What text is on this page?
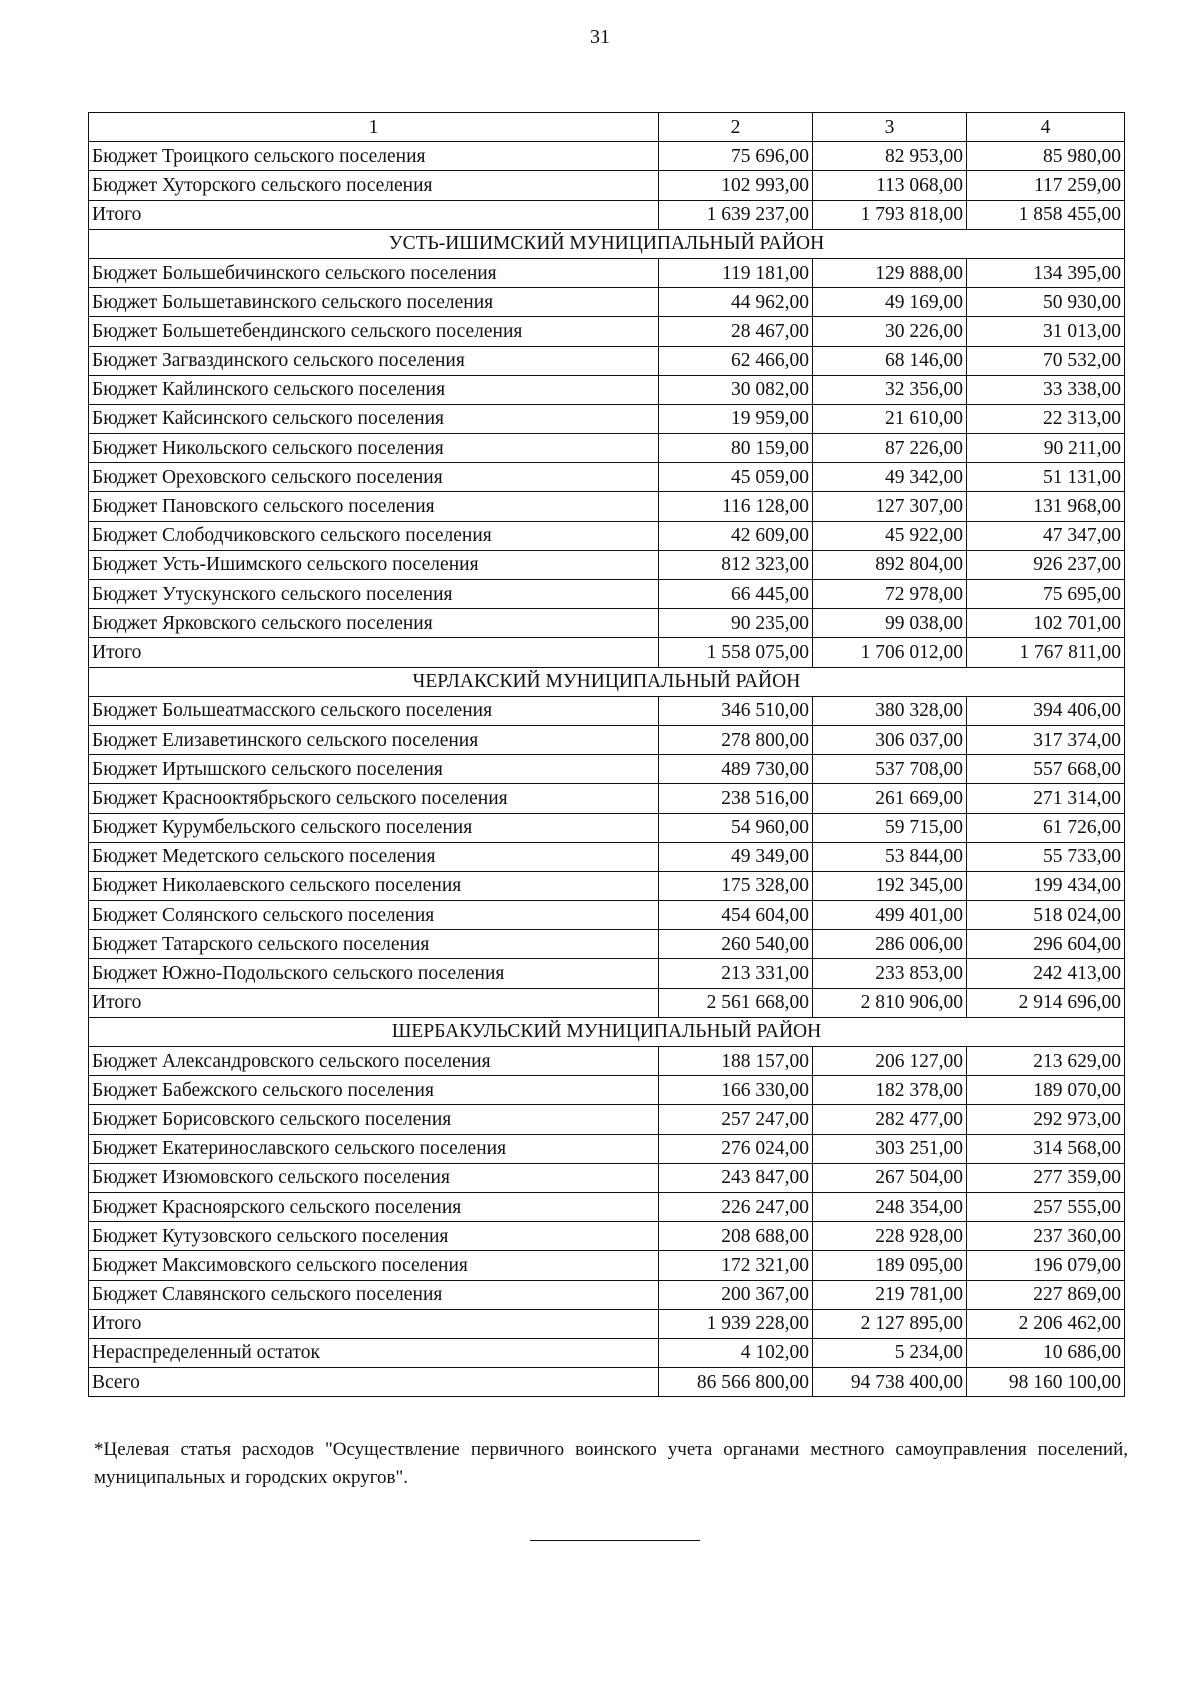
31
1	2	3	4
Бюджет Троицкого сельского поселения	75 696,00	82 953,00	85 980,00
Бюджет Хуторского сельского поселения	102 993,00	113 068,00	117 259,00
Итого	1 639 237,00	1 793 818,00	1 858 455,00
УСТЬ-ИШИМСКИЙ МУНИЦИПАЛЬНЫЙ РАЙОН			
Бюджет Большебичинского сельского поселения	119 181,00	129 888,00	134 395,00
Бюджет Большетавинского сельского поселения	44 962,00	49 169,00	50 930,00
Бюджет Большетебендинского сельского поселения	28 467,00	30 226,00	31 013,00
Бюджет Загваздинского сельского поселения	62 466,00	68 146,00	70 532,00
Бюджет Кайлинского сельского поселения	30 082,00	32 356,00	33 338,00
Бюджет Кайсинского сельского поселения	19 959,00	21 610,00	22 313,00
Бюджет Никольского сельского поселения	80 159,00	87 226,00	90 211,00
Бюджет Ореховского сельского поселения	45 059,00	49 342,00	51 131,00
Бюджет Пановского сельского поселения	116 128,00	127 307,00	131 968,00
Бюджет Слободчиковского сельского поселения	42 609,00	45 922,00	47 347,00
Бюджет Усть-Ишимского сельского поселения	812 323,00	892 804,00	926 237,00
Бюджет Утускунского сельского поселения	66 445,00	72 978,00	75 695,00
Бюджет Ярковского сельского поселения	90 235,00	99 038,00	102 701,00
Итого	1 558 075,00	1 706 012,00	1 767 811,00
ЧЕРЛАКСКИЙ МУНИЦИПАЛЬНЫЙ РАЙОН			
Бюджет Большеатмасского сельского поселения	346 510,00	380 328,00	394 406,00
Бюджет Елизаветинского сельского поселения	278 800,00	306 037,00	317 374,00
Бюджет Иртышского сельского поселения	489 730,00	537 708,00	557 668,00
Бюджет Краснооктябрьского сельского поселения	238 516,00	261 669,00	271 314,00
Бюджет Курумбельского сельского поселения	54 960,00	59 715,00	61 726,00
Бюджет Медетского сельского поселения	49 349,00	53 844,00	55 733,00
Бюджет Николаевского сельского поселения	175 328,00	192 345,00	199 434,00
Бюджет Солянского сельского поселения	454 604,00	499 401,00	518 024,00
Бюджет Татарского сельского поселения	260 540,00	286 006,00	296 604,00
Бюджет Южно-Подольского сельского поселения	213 331,00	233 853,00	242 413,00
Итого	2 561 668,00	2 810 906,00	2 914 696,00
ШЕРБАКУЛЬСКИЙ МУНИЦИПАЛЬНЫЙ РАЙОН			
Бюджет Александровского сельского поселения	188 157,00	206 127,00	213 629,00
Бюджет Бабежского сельского поселения	166 330,00	182 378,00	189 070,00
Бюджет Борисовского сельского поселения	257 247,00	282 477,00	292 973,00
Бюджет Екатеринославского сельского поселения	276 024,00	303 251,00	314 568,00
Бюджет Изюмовского сельского поселения	243 847,00	267 504,00	277 359,00
Бюджет Красноярского сельского поселения	226 247,00	248 354,00	257 555,00
Бюджет Кутузовского сельского поселения	208 688,00	228 928,00	237 360,00
Бюджет Максимовского сельского поселения	172 321,00	189 095,00	196 079,00
Бюджет Славянского сельского поселения	200 367,00	219 781,00	227 869,00
Итого	1 939 228,00	2 127 895,00	2 206 462,00
Нераспределенный остаток	4 102,00	5 234,00	10 686,00
Всего	86 566 800,00	94 738 400,00	98 160 100,00
*Целевая статья расходов "Осуществление первичного воинского учета органами местного самоуправления поселений, муниципальных и городских округов".
